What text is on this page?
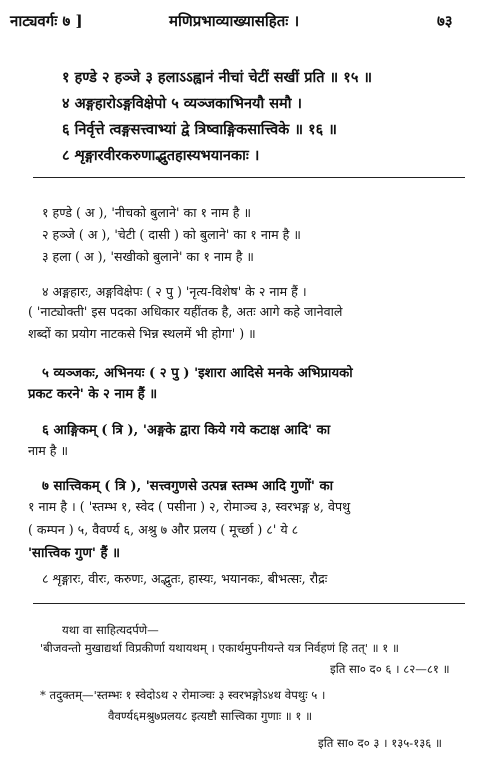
नाट्यवर्गः ७ ]	मणिप्रभाव्याख्यासहितः ।	७३
१ हण्डे २ हञ्जे ३ हलाऽऽह्वानं नीचां चेटीं सखीं प्रति ॥ १५ ॥
४ अङ्गहारोऽङ्गविक्षेपो ५ व्यञ्जकाभिनयौ समौ ।
६ निर्वृत्ते त्वङ्गसत्त्वाभ्यां द्वे त्रिष्वाङ्गिकसात्त्विके ॥ १६ ॥
८ शृङ्गारवीरकरुणाद्भुतहास्यभयानकाः ।
१ हण्डे ( अ ), 'नीचको बुलाने' का १ नाम है ॥
२ हञ्जे ( अ ), 'चेटी ( दासी ) को बुलाने' का १ नाम है ॥
३ हला ( अ ), 'सखीको बुलाने' का १ नाम है ॥
४ अङ्गहारः, अङ्गविक्षेपः ( २ पु ) 'नृत्य-विशेष' के २ नाम हैं ।
( 'नाट्योक्ती' इस पदका अधिकार यहींतक है, अतः आगे कहे जानेवाले
शब्दों का प्रयोग नाटकसे भिन्न स्थलमें भी होगा' ) ॥
५ व्यञ्जकः, अभिनयः ( २ पु ) 'इशारा आदिसे मनके अभिप्रायको
प्रकट करने' के २ नाम हैं ॥
६ आङ्गिकम् ( त्रि ), 'अङ्गके द्वारा किये गये कटाक्ष आदि' का
नाम है ॥
७ सात्त्विकम् ( त्रि ), 'सत्त्वगुणसे उत्पन्न स्तम्भ आदि गुणों' का
१ नाम है । ( 'स्तम्भ १, स्वेद ( पसीना ) २, रोमाञ्च ३, स्वरभङ्ग ४, वेपथु
( कम्पन ) ५, वैवर्ण्य ६, अश्रु ७ और प्रलय ( मूर्च्छा ) ८' ये ८
'सात्त्विक गुण' हैं ॥
८ शृङ्गारः, वीरः, करुणः, अद्भुतः, हास्यः, भयानकः, बीभत्सः, रौद्रः
यथा वा साहित्यदर्पणे—
'बीजवन्तो मुखाद्यर्था विप्रकीर्णा यथायथम् । एकार्थमुपनीयन्ते यत्र निर्वहणं हि तत्' ॥ १ ॥
इति सा० द० ६ । ८२—८१ ॥
* तदुक्तम्—'स्तम्भः १ स्वेदोऽथ २ रोमाञ्चः ३ स्वरभङ्गोऽ४थ वेपथुः ५ ।
वैवर्ण्य६मश्रु७प्रलय८ इत्यष्टौ सात्त्विका गुणाः ॥ १ ॥
इति सा० द० ३ । १३५-१३६ ॥
